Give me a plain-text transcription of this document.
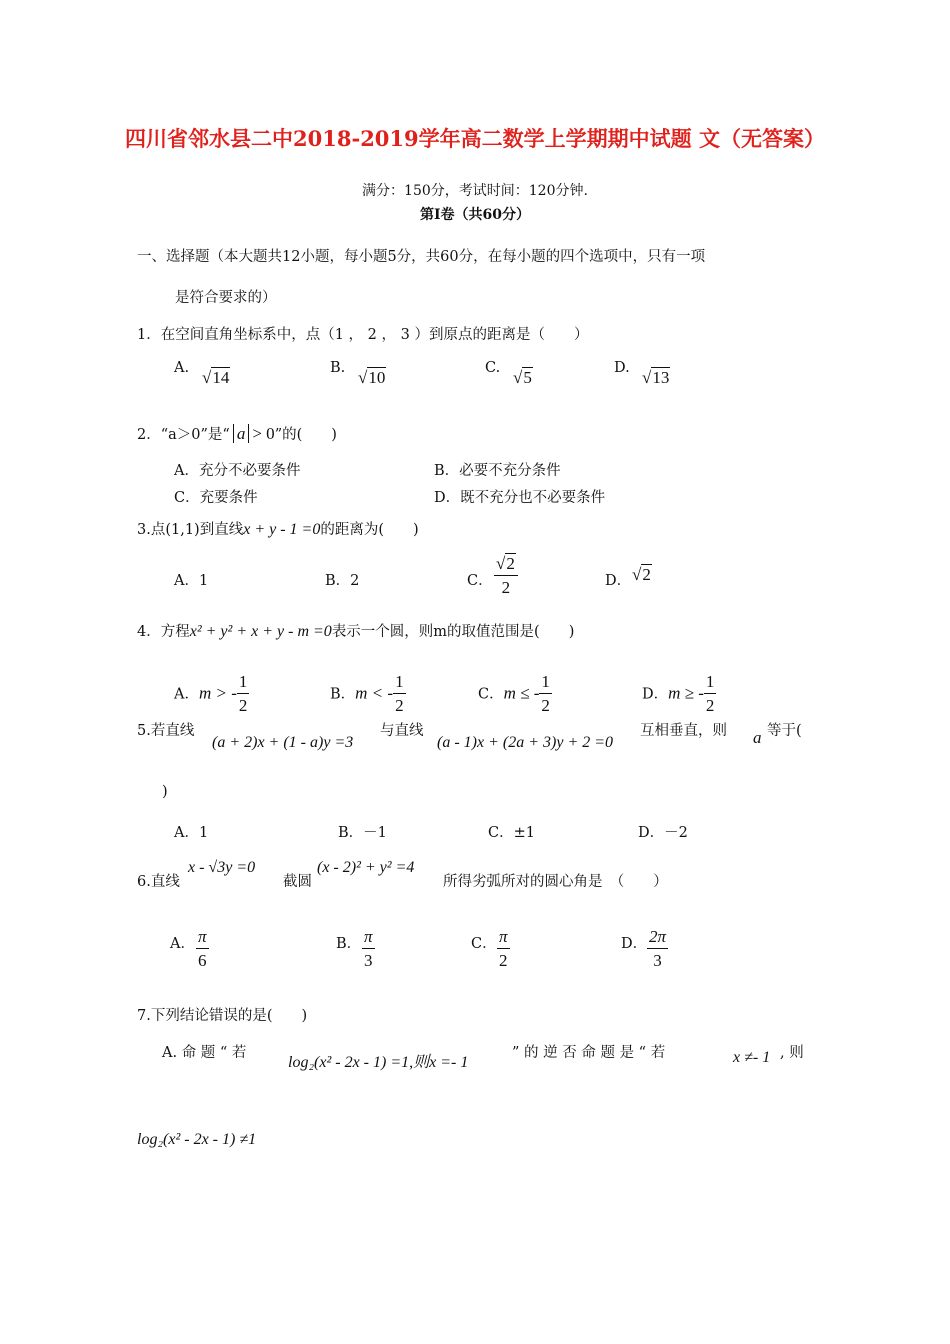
四川省邻水县二中2018-2019学年高二数学上学期期中试题 文（无答案）
满分：150分，考试时间：120分钟.
第Ⅰ卷（共60分）
一、选择题（本大题共12小题，每小题5分，共60分，在每小题的四个选项中，只有一项
是符合要求的）
1．在空间直角坐标系中，点（1 ， 2 ， 3 ）到原点的距离是（　　）
A. √14	B. √10	C. √5	D. √13
2．“a＞0”是“ a > 0”的(　　)
A．充分不必要条件	B．必要不充分条件
C．充要条件	D．既不充分也不必要条件
3.点(1,1)到直线x + y - 1 =0的距离为(　　)
A．1	B．2	C． $\frac{√2}{2}$	D． √2
4．方程x² + y² + x + y - m =0表示一个圆，则m的取值范围是(　　)
A．m > - $\frac{1}{2}$	B．m < - $\frac{1}{2}$	C．m ≤ - $\frac{1}{2}$	D．m ≥ - $\frac{1}{2}$
5.若直线
(a + 2)x + (1 - a)y =3
与直线
(a - 1)x + (2a + 3)y + 2 =0
互相垂直，则 a 等于(
)
A．1	B．－1	C．±1	D．－2
6.直线
x - √3y =0
截圆
(x - 2)² + y² =4
所得劣弧所对的圆心角是　（　　）
A． $\frac{\pi}{6}$	B． $\frac{\pi}{3}$	C． $\frac{\pi}{2}$	D． $\frac{2\pi}{3}$
7.下列结论错误的是(　　)
A. 命 题 “ 若
log₂(x² - 2x - 1) =1,则x =- 1
” 的 逆 否 命 题 是 “ 若	x ≠- 1 , 则
log₂(x² - 2x - 1) ≠1
